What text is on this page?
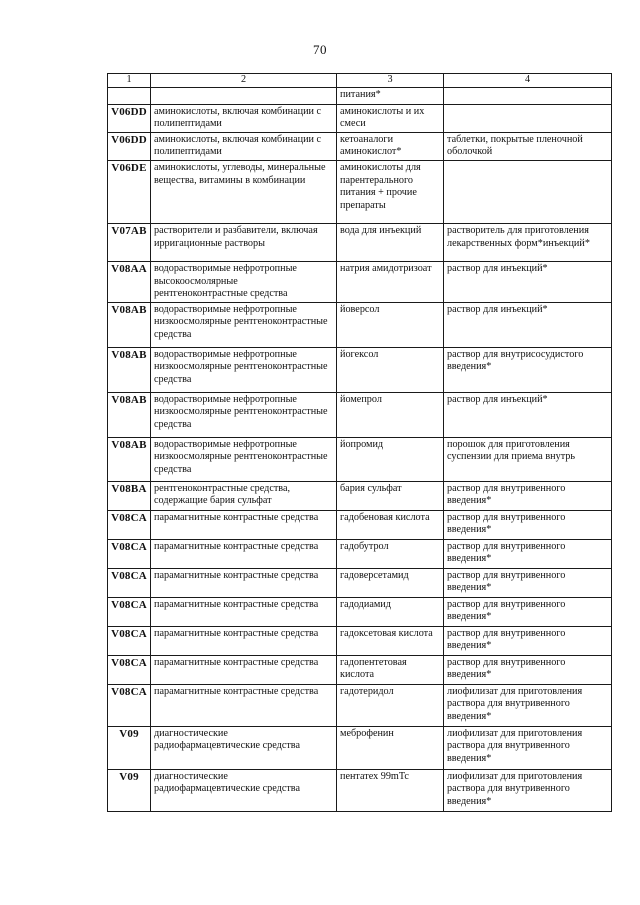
70
1	2	3	4
		питания*	
V06DD	аминокислоты, включая комбинации с полипептидами	аминокислоты и их смеси	
V06DD	аминокислоты, включая комбинации с полипептидами	кетоаналоги аминокислот*	таблетки, покрытые пленочной оболочкой
V06DE	аминокислоты, углеводы, минеральные вещества, витамины в комбинации	аминокислоты для парентерального питания + прочие препараты	
V07AB	растворители и разбавители, включая ирригационные растворы	вода для инъекций	растворитель для приготовления лекарственных форм*инъекций*
V08AA	водорастворимые нефротропные высокоосмолярные рентгеноконтрастные средства	натрия амидотризоат	раствор для инъекций*
V08AB	водорастворимые нефротропные низкоосмолярные рентгеноконтрастные средства	йоверсол	раствор для инъекций*
V08AB	водорастворимые нефротропные низкоосмолярные рентгеноконтрастные средства	йогексол	раствор для внутрисосудистого введения*
V08AB	водорастворимые нефротропные низкоосмолярные рентгеноконтрастные средства	йомепрол	раствор для инъекций*
V08AB	водорастворимые нефротропные низкоосмолярные рентгеноконтрастные средства	йопромид	порошок для приготовления суспензии для приема внутрь
V08BA	рентгеноконтрастные средства, содержащие бария сульфат	бария сульфат	раствор для внутривенного введения*
V08CA	парамагнитные контрастные средства	гадобеновая кислота	раствор для внутривенного введения*
V08CA	парамагнитные контрастные средства	гадобутрол	раствор для внутривенного введения*
V08CA	парамагнитные контрастные средства	гадоверсетамид	раствор для внутривенного введения*
V08CA	парамагнитные контрастные средства	гадодиамид	раствор для внутривенного введения*
V08CA	парамагнитные контрастные средства	гадоксетовая кислота	раствор для внутривенного введения*
V08CA	парамагнитные контрастные средства	гадопентетовая кислота	раствор для внутривенного введения*
V08CA	парамагнитные контрастные средства	гадотеридол	лиофилизат для приготовления раствора для внутривенного введения*
V09	диагностические радиофармацевтические средства	меброфенин	лиофилизат для приготовления раствора для внутривенного введения*
V09	диагностические радиофармацевтические средства	пентатех 99mTc	лиофилизат для приготовления раствора для внутривенного введения*
